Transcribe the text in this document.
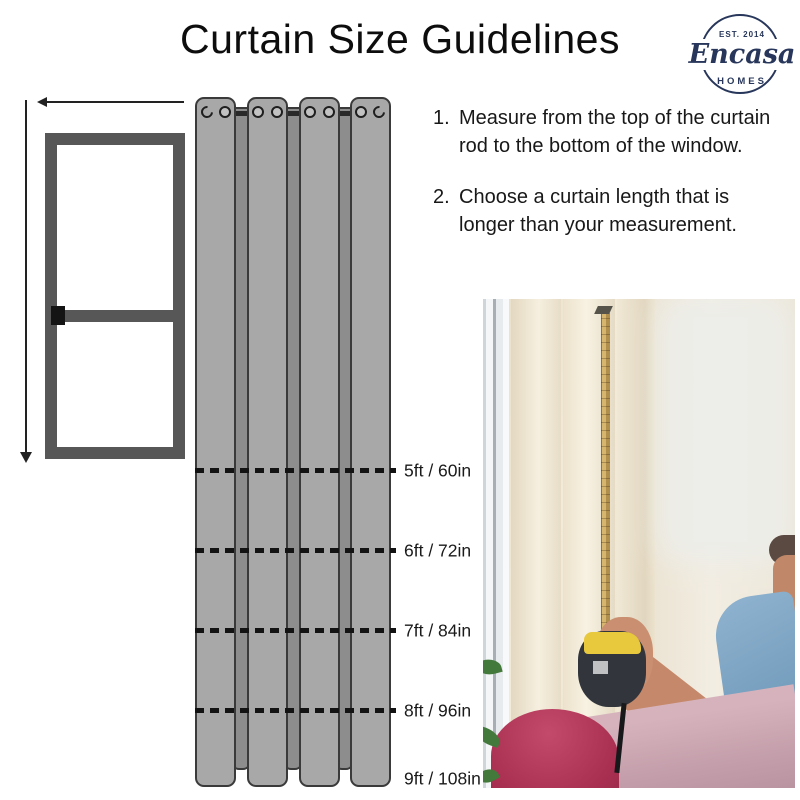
Curtain Size Guidelines	EST. 2014
Encasa
HOMES
5ft / 60in
6ft / 72in
7ft / 84in
8ft / 96in
9ft / 108in
1. Measure from the top of the curtain rod to the bottom of the window.
2. Choose a curtain length that is longer than your measurement.
